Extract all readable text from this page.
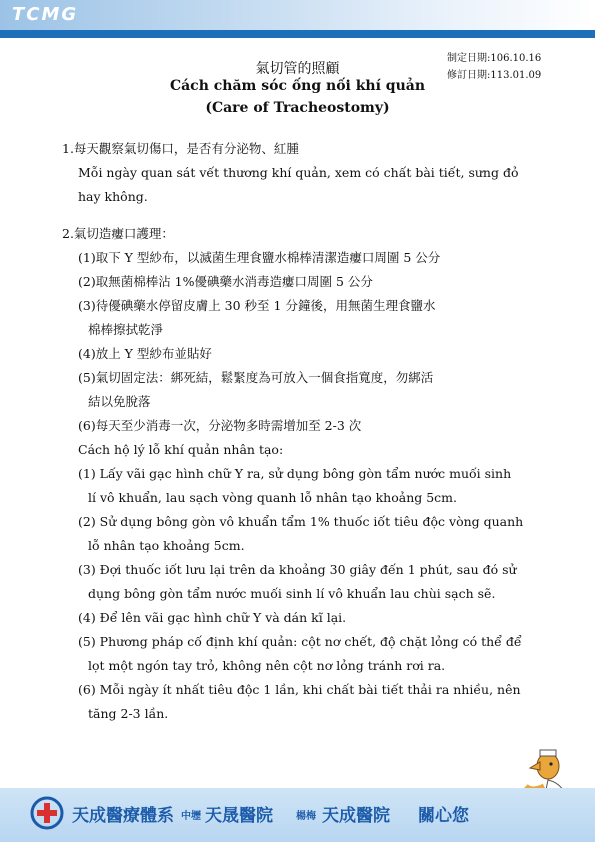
TCMG
制定日期:106.10.16
修訂日期:113.01.09
氣切管的照顧
Cách chăm sóc ống nối khí quản
(Care of Tracheostomy)
1.每天觀察氣切傷口，是否有分泌物、紅腫
Mỗi ngày quan sát vết thương khí quản, xem có chất bài tiết, sưng đỏ
hay không.
2.氣切造瘻口護理：
(1)取下 Y 型紗布，以滅菌生理食鹽水棉棒清潔造瘻口周圍 5 公分
(2)取無菌棉棒沾 1%優碘藥水消毒造瘻口周圍 5 公分
(3)待優碘藥水停留皮膚上 30 秒至 1 分鐘後，用無菌生理食鹽水
棉棒擦拭乾淨
(4)放上 Y 型紗布並貼好
(5)氣切固定法：綁死結，鬆緊度為可放入一個食指寬度，勿綁活
結以免脫落
(6)每天至少消毒一次，分泌物多時需增加至 2-3 次
Cách hộ lý lỗ khí quản nhân tạo:
(1) Lấy vãi gạc hình chữ Y ra, sử dụng bông gòn tẩm nước muối sinh
lí vô khuẩn, lau sạch vòng quanh lỗ nhân tạo khoảng 5cm.
(2) Sử dụng bông gòn vô khuẩn tẩm 1% thuốc iốt tiêu độc vòng quanh
lỗ nhân tạo khoảng 5cm.
(3) Đợi thuốc iốt lưu lại trên da khoảng 30 giây đến 1 phút, sau đó sử
dụng bông gòn tẩm nước muối sinh lí vô khuẩn lau chùi sạch sẽ.
(4) Để lên vãi gạc hình chữ Y và dán kĩ lại.
(5) Phương pháp cố định khí quản: cột nơ chết, độ chặt lỏng có thể để
lọt một ngón tay trỏ, không nên cột nơ lỏng tránh rơi ra.
(6) Mỗi ngày ít nhất tiêu độc 1 lần, khi chất bài tiết thải ra nhiều, nên
tăng 2-3 lần.
天成醫療體系 中壢 天晟醫院 楊梅 天成醫院 關心您
